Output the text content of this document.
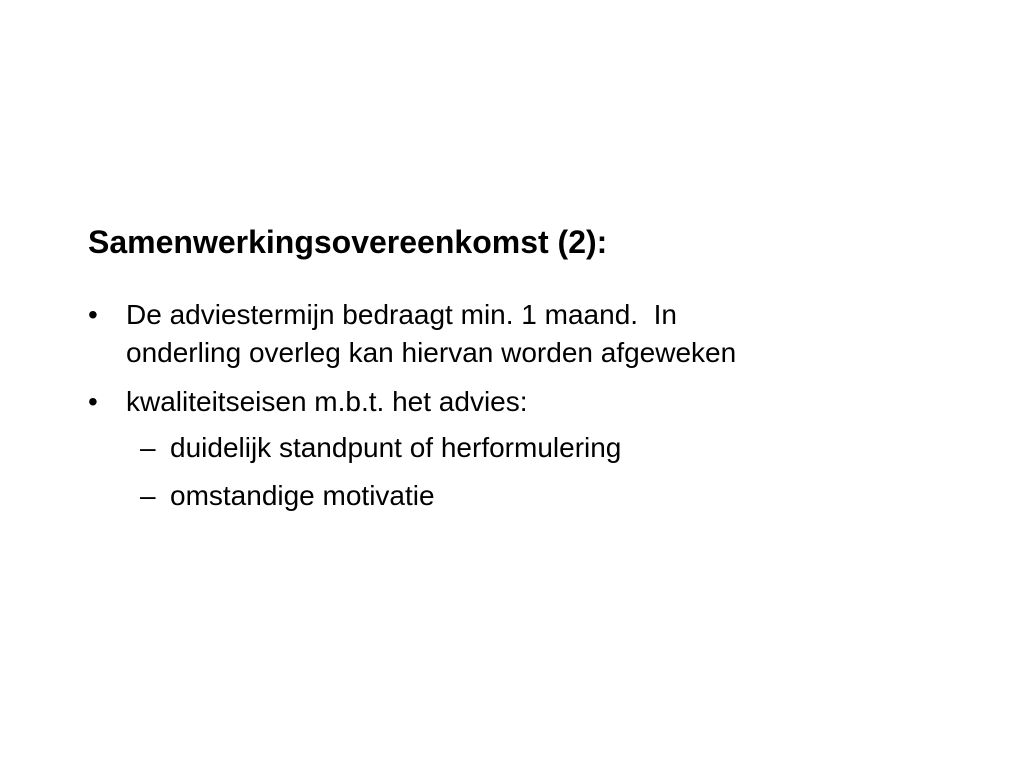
Samenwerkingsovereenkomst (2):
•	De adviestermijn bedraagt min. 1 maand.  In
onderling overleg kan hiervan worden afgeweken
•	kwaliteitseisen m.b.t. het advies:
– duidelijk standpunt of herformulering
– omstandige motivatie
